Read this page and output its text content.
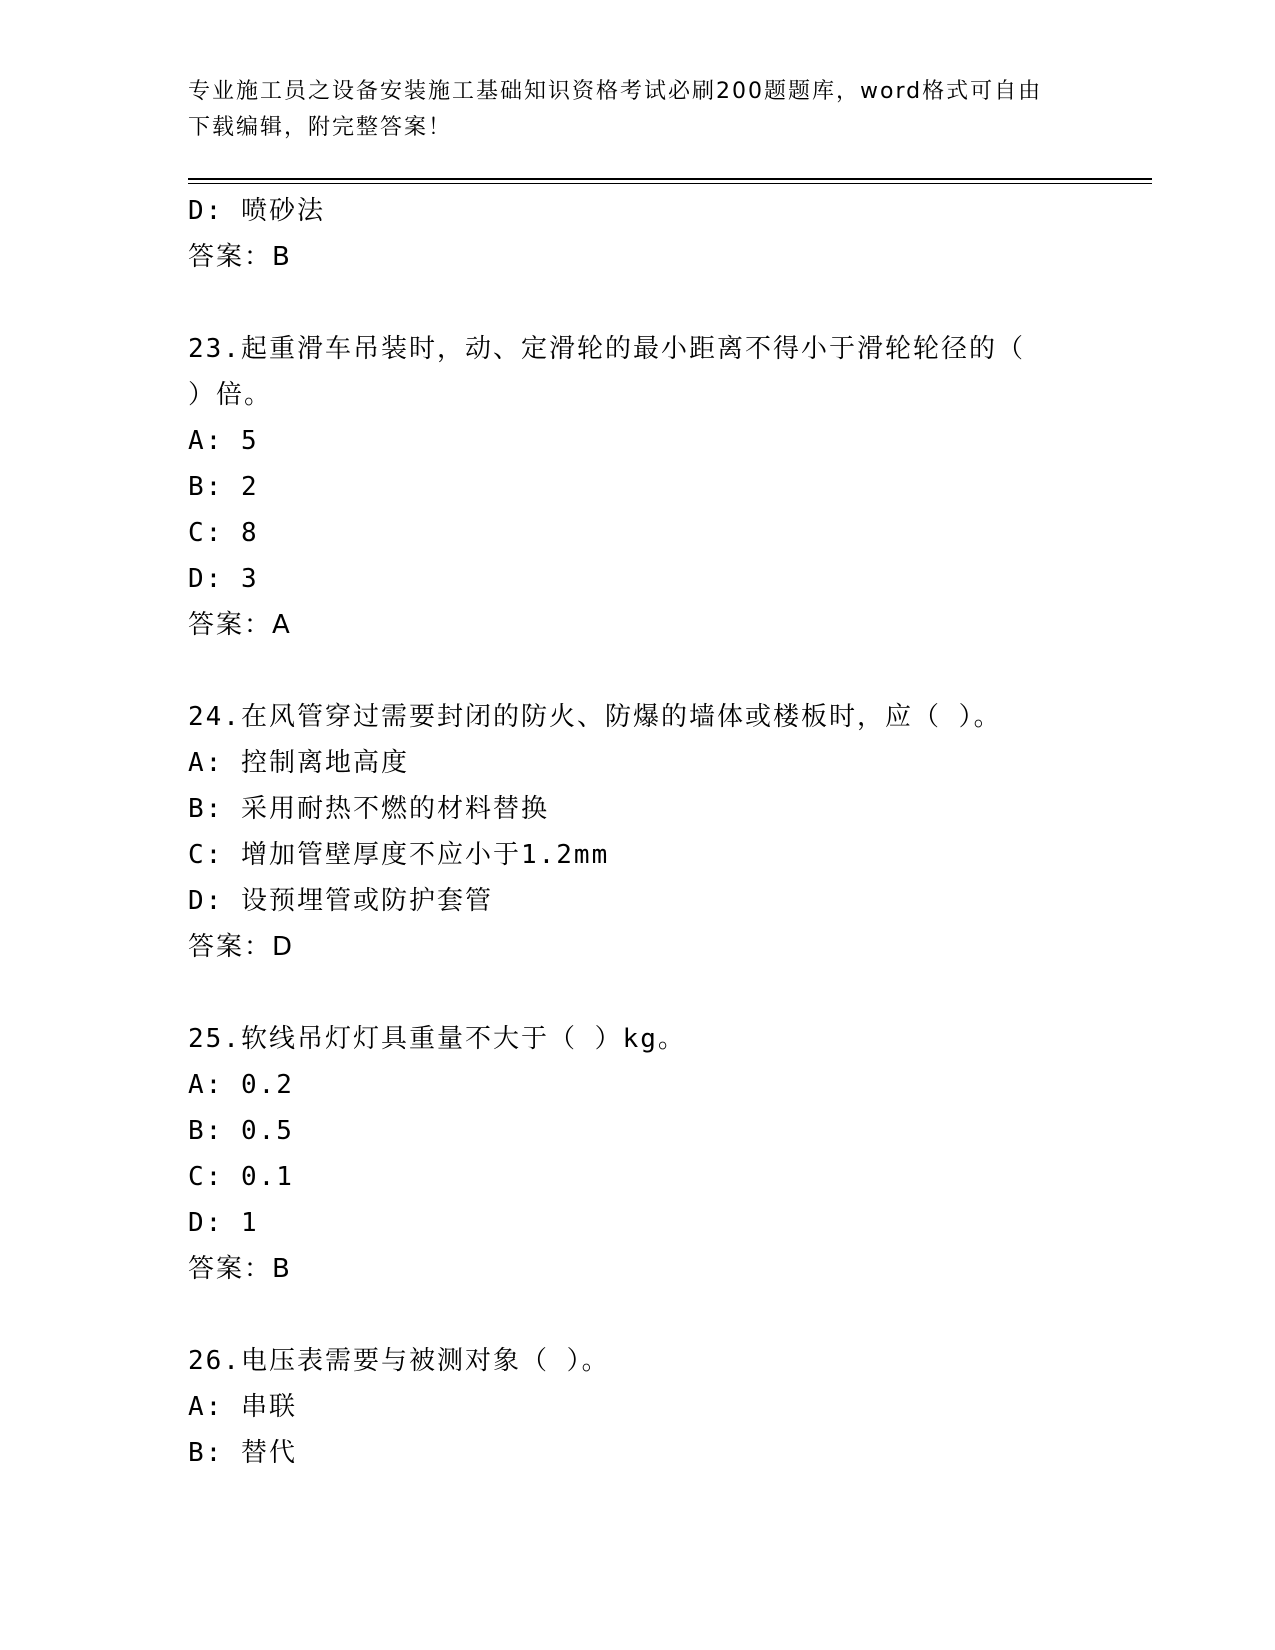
专业施工员之设备安装施工基础知识资格考试必刷200题题库，word格式可自由
下载编辑，附完整答案！
D: 喷砂法
答案：B
23.起重滑车吊装时，动、定滑轮的最小距离不得小于滑轮轮径的（
）倍。
A: 5
B: 2
C: 8
D: 3
答案：A
24.在风管穿过需要封闭的防火、防爆的墙体或楼板时，应（ ）。
A: 控制离地高度
B: 采用耐热不燃的材料替换
C: 增加管壁厚度不应小于1.2mm
D: 设预埋管或防护套管
答案：D
25.软线吊灯灯具重量不大于（ ）kg。
A: 0.2
B: 0.5
C: 0.1
D: 1
答案：B
26.电压表需要与被测对象（ ）。
A: 串联
B: 替代
